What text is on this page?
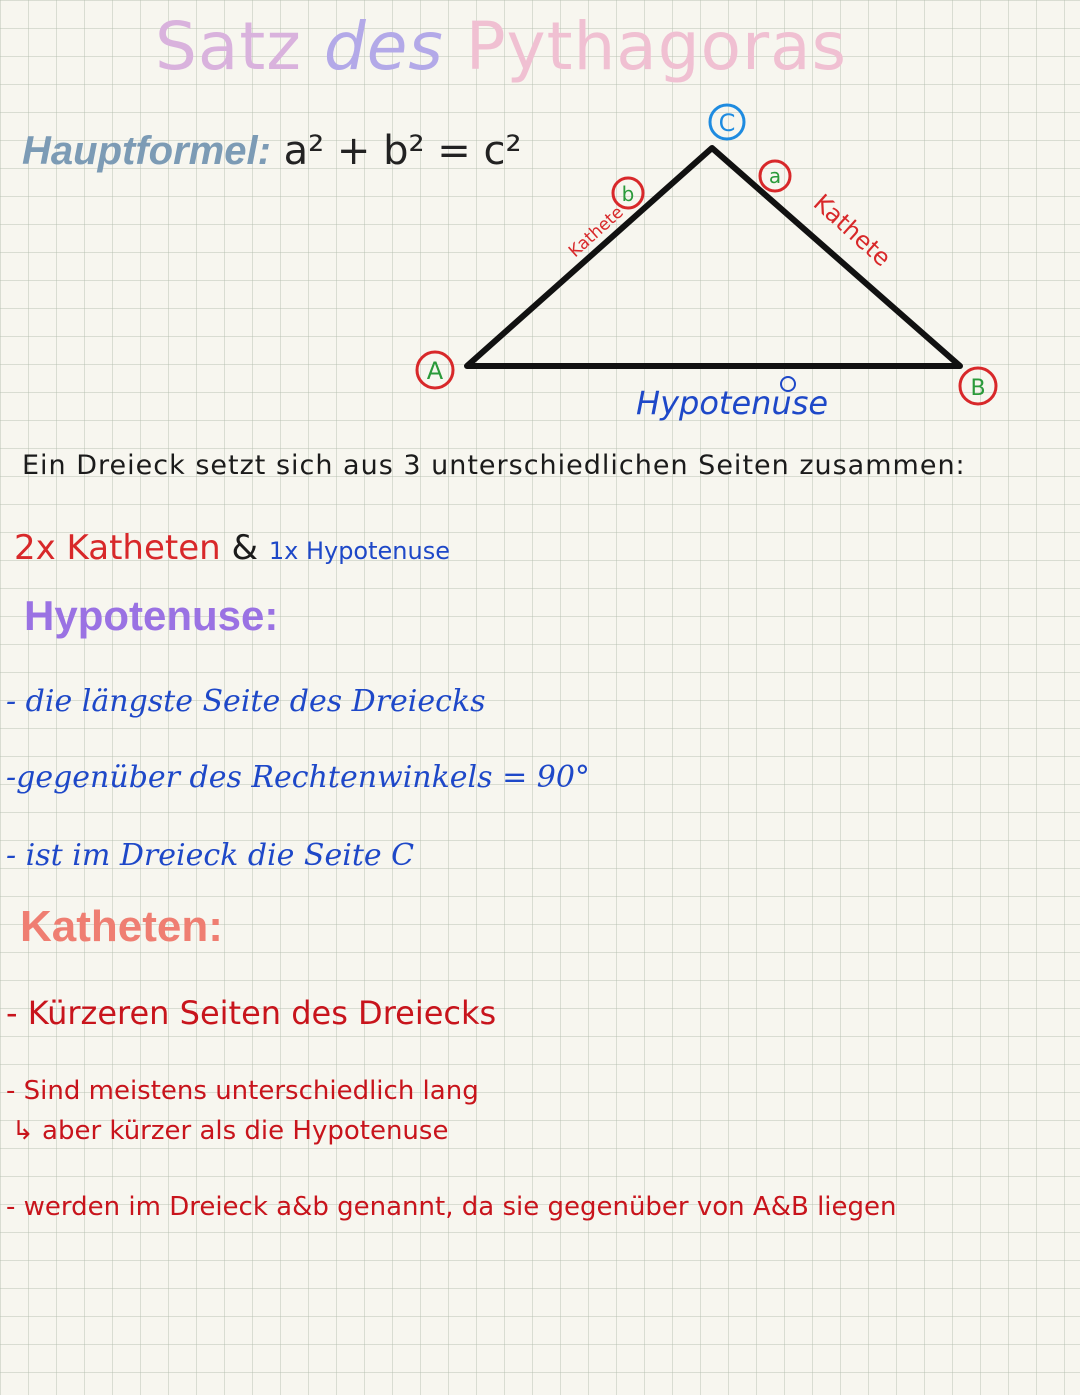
Satz des Pythagoras
Hauptformel: a² + b² = c²
C
A
B
b
a
Kathete	Kathete
Hypotenuse
Ein Dreieck setzt sich aus 3 unterschiedlichen Seiten zusammen:
2x Katheten & 1x Hypotenuse
Hypotenuse:
- die längste Seite des Dreiecks
-gegenüber des Rechtenwinkels = 90°
- ist im Dreieck die Seite C
Katheten:
- Kürzeren Seiten des Dreiecks
- Sind meistens unterschiedlich lang
↳ aber kürzer als die Hypotenuse
- werden im Dreieck a&b genannt, da sie gegenüber von A&B liegen
